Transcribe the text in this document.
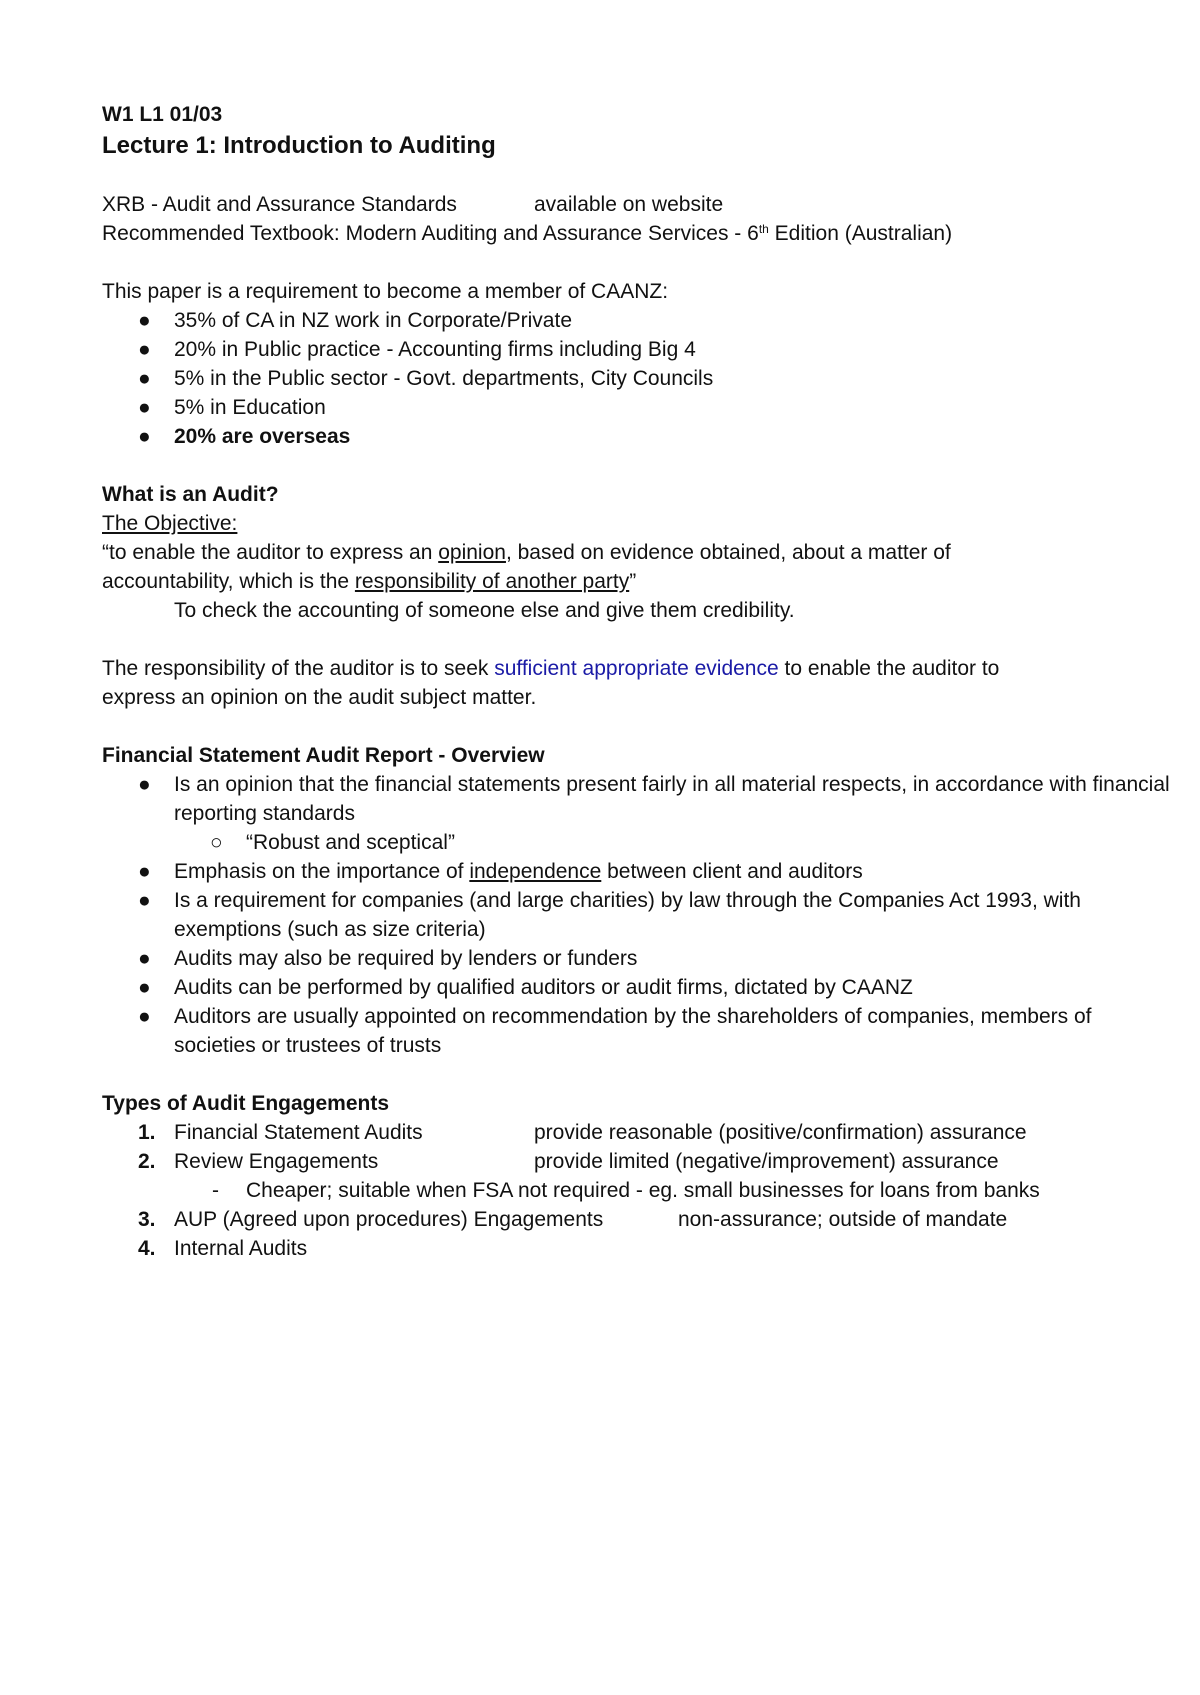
W1 L1 01/03
Lecture 1: Introduction to Auditing
XRB - Audit and Assurance Standards	available on website
Recommended Textbook: Modern Auditing and Assurance Services - 6th Edition (Australian)
This paper is a requirement to become a member of CAANZ:
● 35% of CA in NZ work in Corporate/Private
● 20% in Public practice - Accounting firms including Big 4
● 5% in the Public sector - Govt. departments, City Councils
● 5% in Education
● 20% are overseas
What is an Audit?
The Objective:
“to enable the auditor to express an opinion, based on evidence obtained, about a matter of
accountability, which is the responsibility of another party”
To check the accounting of someone else and give them credibility.
The responsibility of the auditor is to seek sufficient appropriate evidence to enable the auditor to
express an opinion on the audit subject matter.
Financial Statement Audit Report - Overview
● Is an opinion that the financial statements present fairly in all material respects, in accordance with financial reporting standards
○ “Robust and sceptical”
● Emphasis on the importance of independence between client and auditors
● Is a requirement for companies (and large charities) by law through the Companies Act 1993, with exemptions (such as size criteria)
● Audits may also be required by lenders or funders
● Audits can be performed by qualified auditors or audit firms, dictated by CAANZ
● Auditors are usually appointed on recommendation by the shareholders of companies, members of societies or trustees of trusts
Types of Audit Engagements
1. Financial Statement Audits	provide reasonable (positive/confirmation) assurance
2. Review Engagements	provide limited (negative/improvement) assurance
- Cheaper; suitable when FSA not required - eg. small businesses for loans from banks
3. AUP (Agreed upon procedures) Engagements	non-assurance; outside of mandate
4. Internal Audits
